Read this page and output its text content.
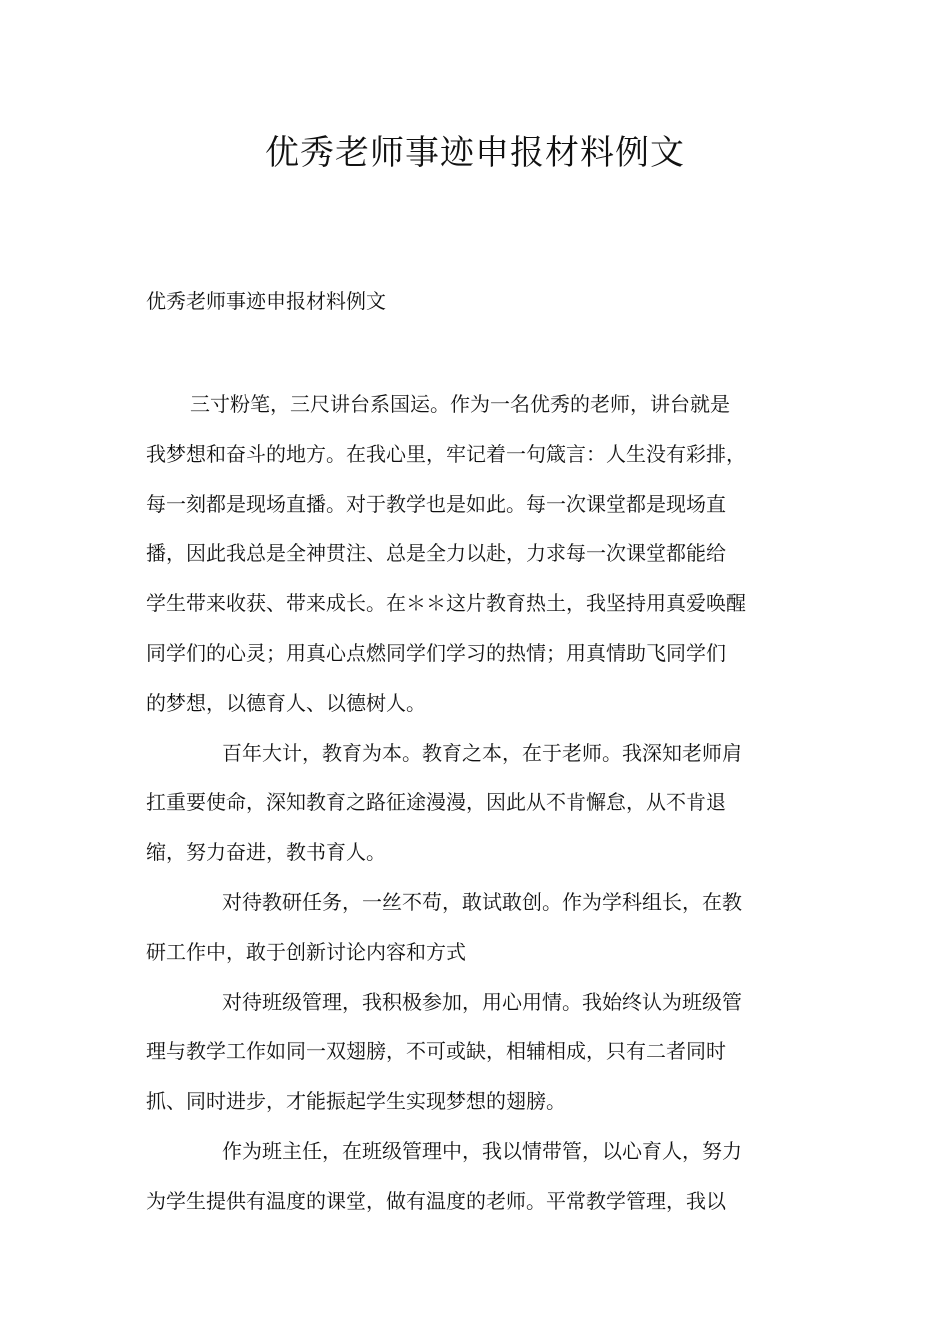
优秀老师事迹申报材料例文
优秀老师事迹申报材料例文
三寸粉笔，三尺讲台系国运。作为一名优秀的老师，讲台就是
我梦想和奋斗的地方。在我心里，牢记着一句箴言：人生没有彩排，
每一刻都是现场直播。对于教学也是如此。每一次课堂都是现场直
播，因此我总是全神贯注、总是全力以赴，力求每一次课堂都能给
学生带来收获、带来成长。在＊＊这片教育热土，我坚持用真爱唤醒
同学们的心灵；用真心点燃同学们学习的热情；用真情助飞同学们
的梦想，以德育人、以德树人。
百年大计，教育为本。教育之本，在于老师。我深知老师肩
扛重要使命，深知教育之路征途漫漫，因此从不肯懈怠，从不肯退
缩，努力奋进，教书育人。
对待教研任务，一丝不苟，敢试敢创。作为学科组长，在教
研工作中，敢于创新讨论内容和方式
对待班级管理，我积极参加，用心用情。我始终认为班级管
理与教学工作如同一双翅膀，不可或缺，相辅相成，只有二者同时
抓、同时进步，才能振起学生实现梦想的翅膀。
作为班主任，在班级管理中，我以情带管，以心育人，努力
为学生提供有温度的课堂，做有温度的老师。平常教学管理，我以
